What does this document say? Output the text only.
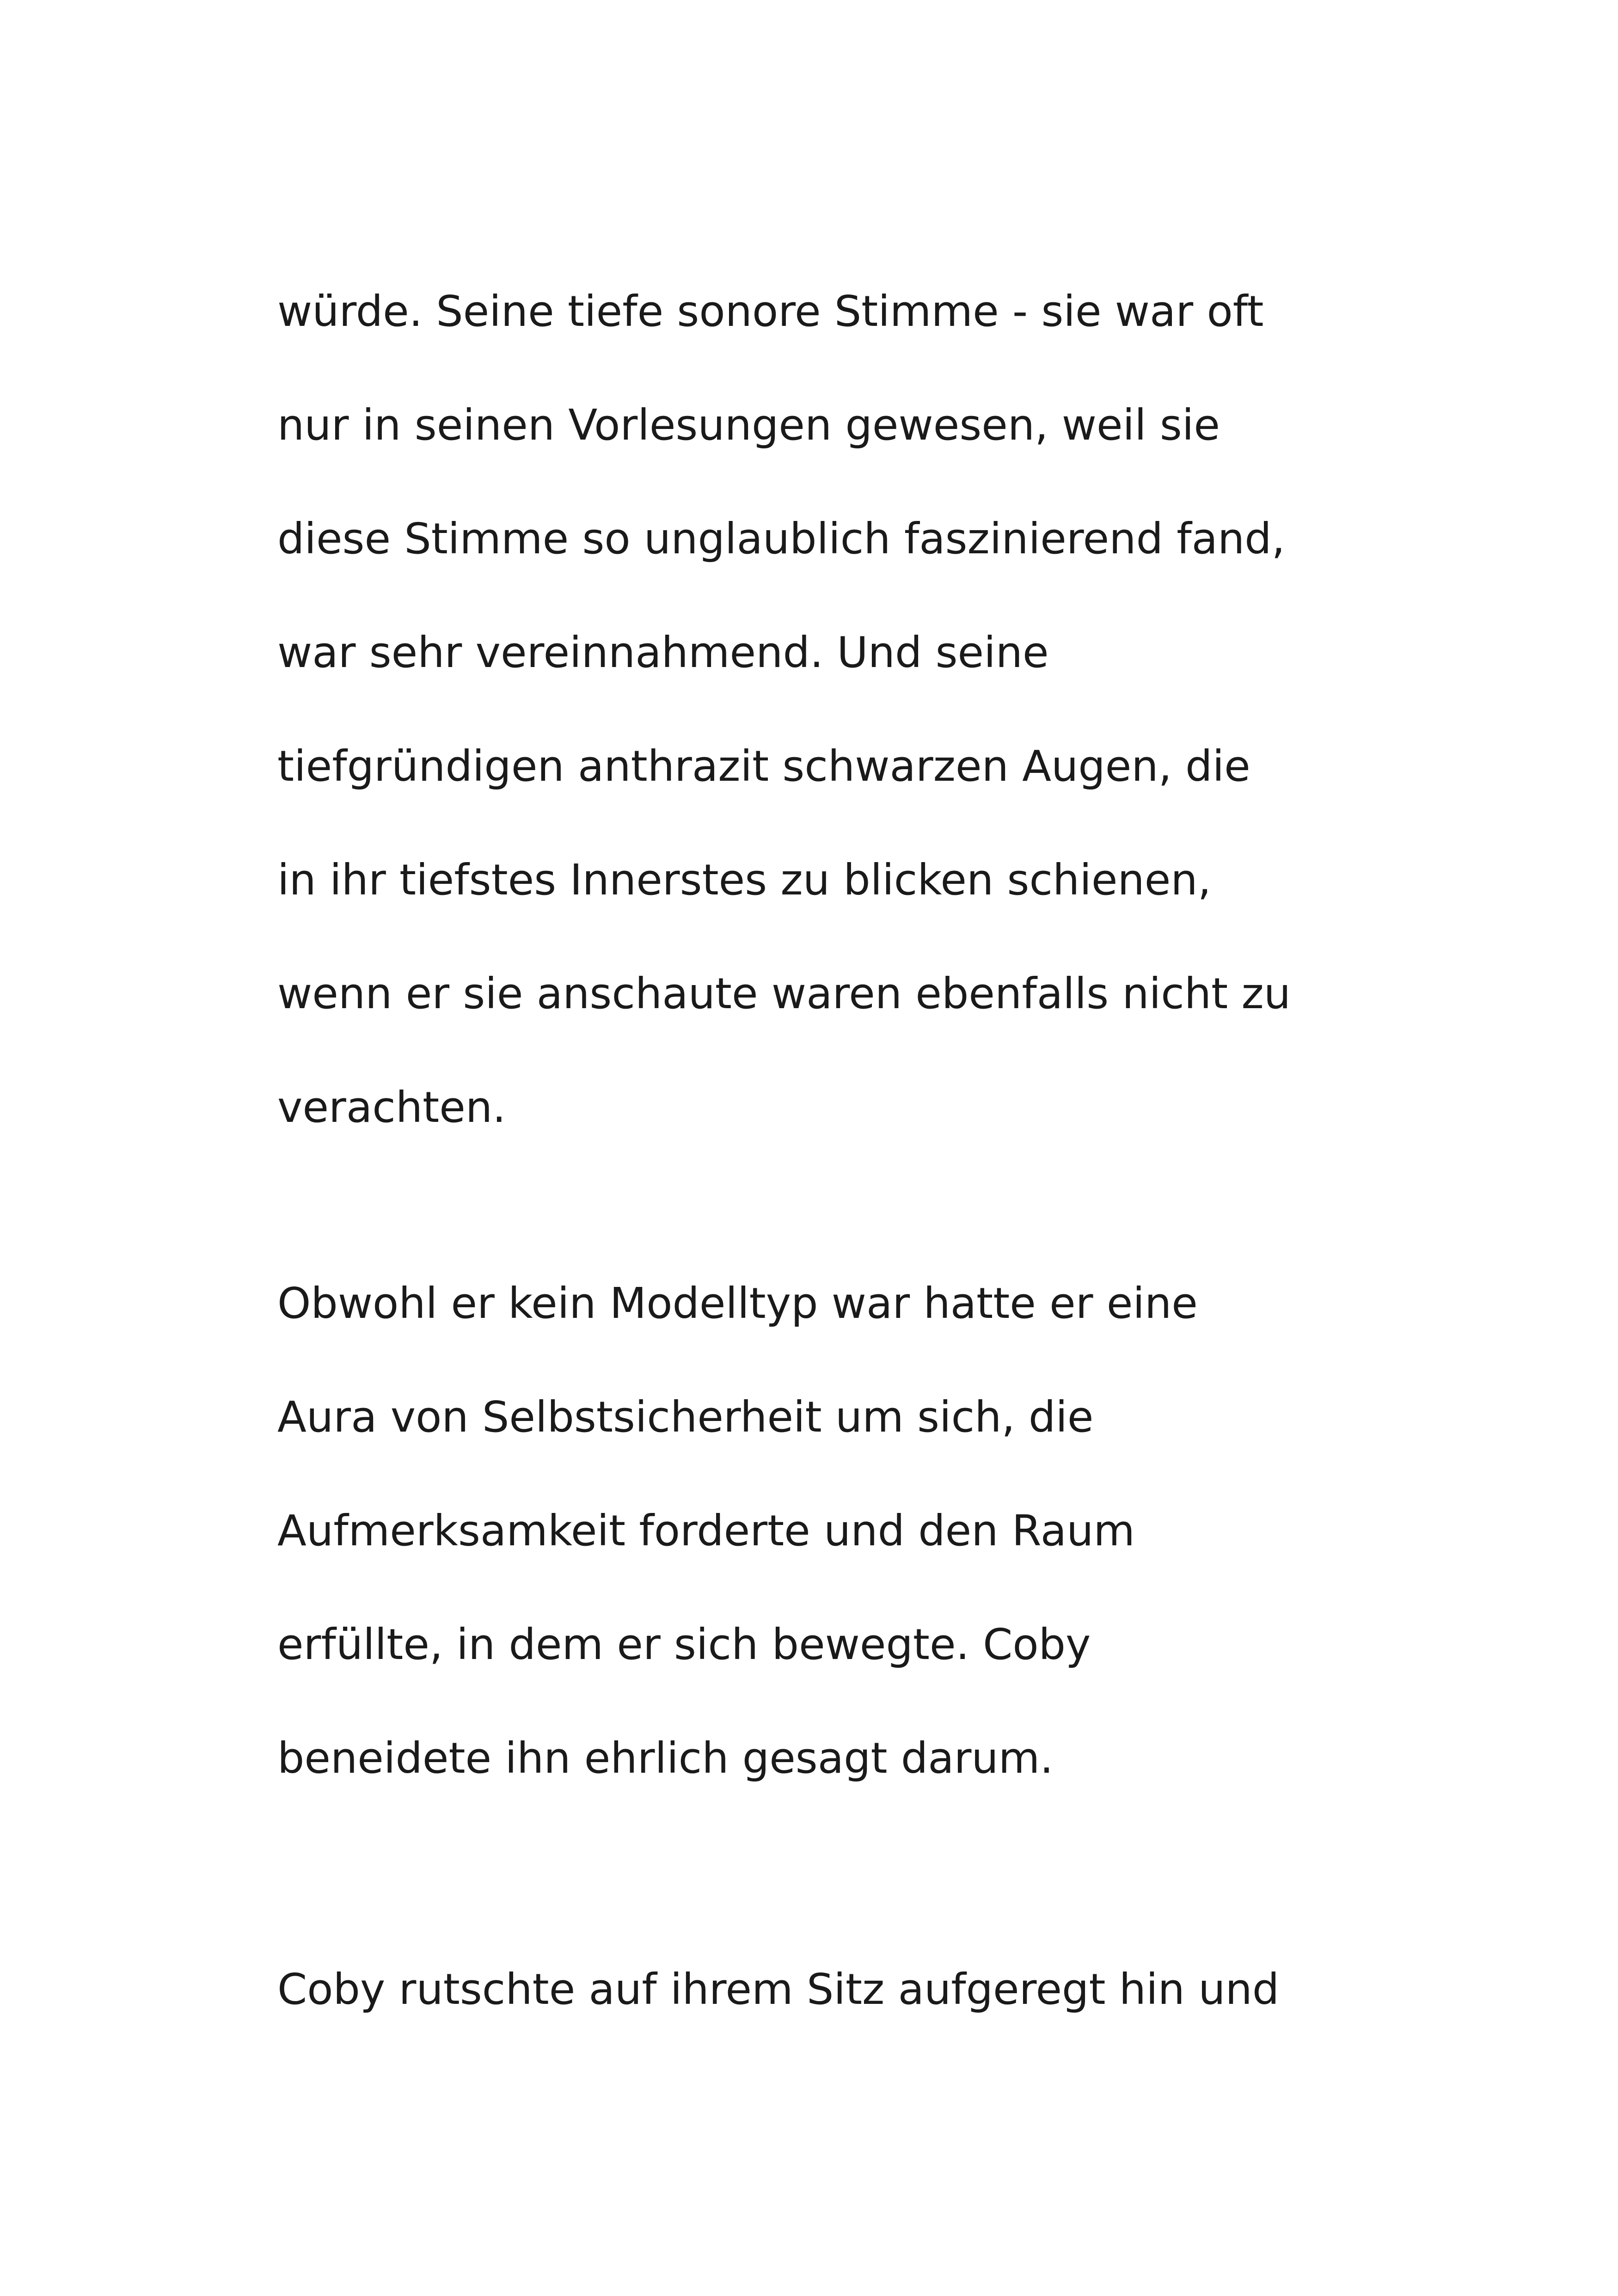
würde. Seine tiefe sonore Stimme - sie war oft

nur in seinen Vorlesungen gewesen, weil sie

diese Stimme so unglaublich faszinierend fand,

war sehr vereinnahmend. Und seine

tiefgründigen anthrazit schwarzen Augen, die

in ihr tiefstes Innerstes zu blicken schienen,

wenn er sie anschaute waren ebenfalls nicht zu

verachten.

Obwohl er kein Modelltyp war hatte er eine

Aura von Selbstsicherheit um sich, die

Aufmerksamkeit forderte und den Raum

erfüllte, in dem er sich bewegte. Coby

beneidete ihn ehrlich gesagt darum.

Coby rutschte auf ihrem Sitz aufgeregt hin und
